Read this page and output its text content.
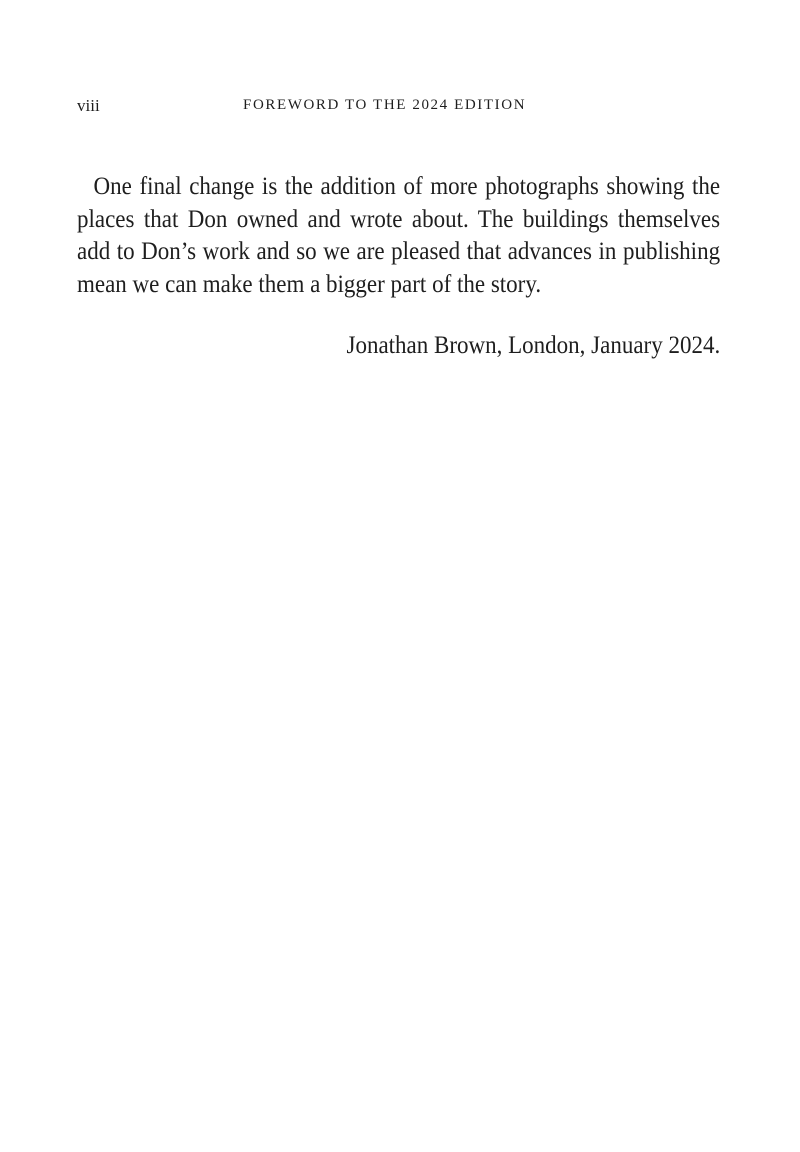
viii	FOREWORD TO THE 2024 EDITION

One final change is the addition of more photographs showing the places that Don owned and wrote about. The buildings themselves add to Don’s work and so we are pleased that advances in publishing mean we can make them a bigger part of the story.

Jonathan Brown, London, January 2024.
